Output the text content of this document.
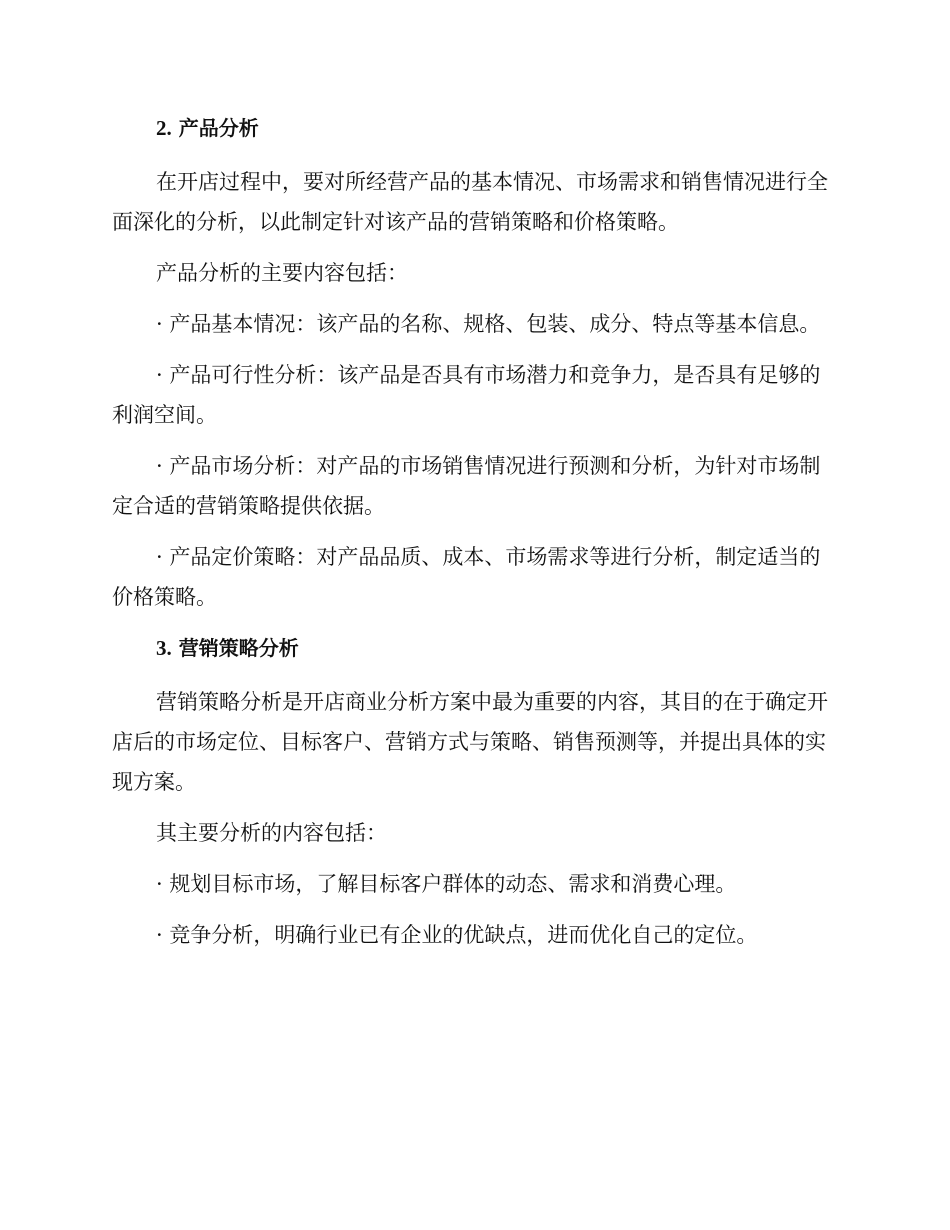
2. 产品分析

在开店过程中，要对所经营产品的基本情况、市场需求和销售情况进行全面深化的分析，以此制定针对该产品的营销策略和价格策略。

产品分析的主要内容包括：

· 产品基本情况：该产品的名称、规格、包装、成分、特点等基本信息。

· 产品可行性分析：该产品是否具有市场潜力和竞争力，是否具有足够的利润空间。

· 产品市场分析：对产品的市场销售情况进行预测和分析，为针对市场制定合适的营销策略提供依据。

· 产品定价策略：对产品品质、成本、市场需求等进行分析，制定适当的价格策略。

3. 营销策略分析

营销策略分析是开店商业分析方案中最为重要的内容，其目的在于确定开店后的市场定位、目标客户、营销方式与策略、销售预测等，并提出具体的实现方案。

其主要分析的内容包括：

· 规划目标市场，了解目标客户群体的动态、需求和消费心理。

· 竞争分析，明确行业已有企业的优缺点，进而优化自己的定位。
